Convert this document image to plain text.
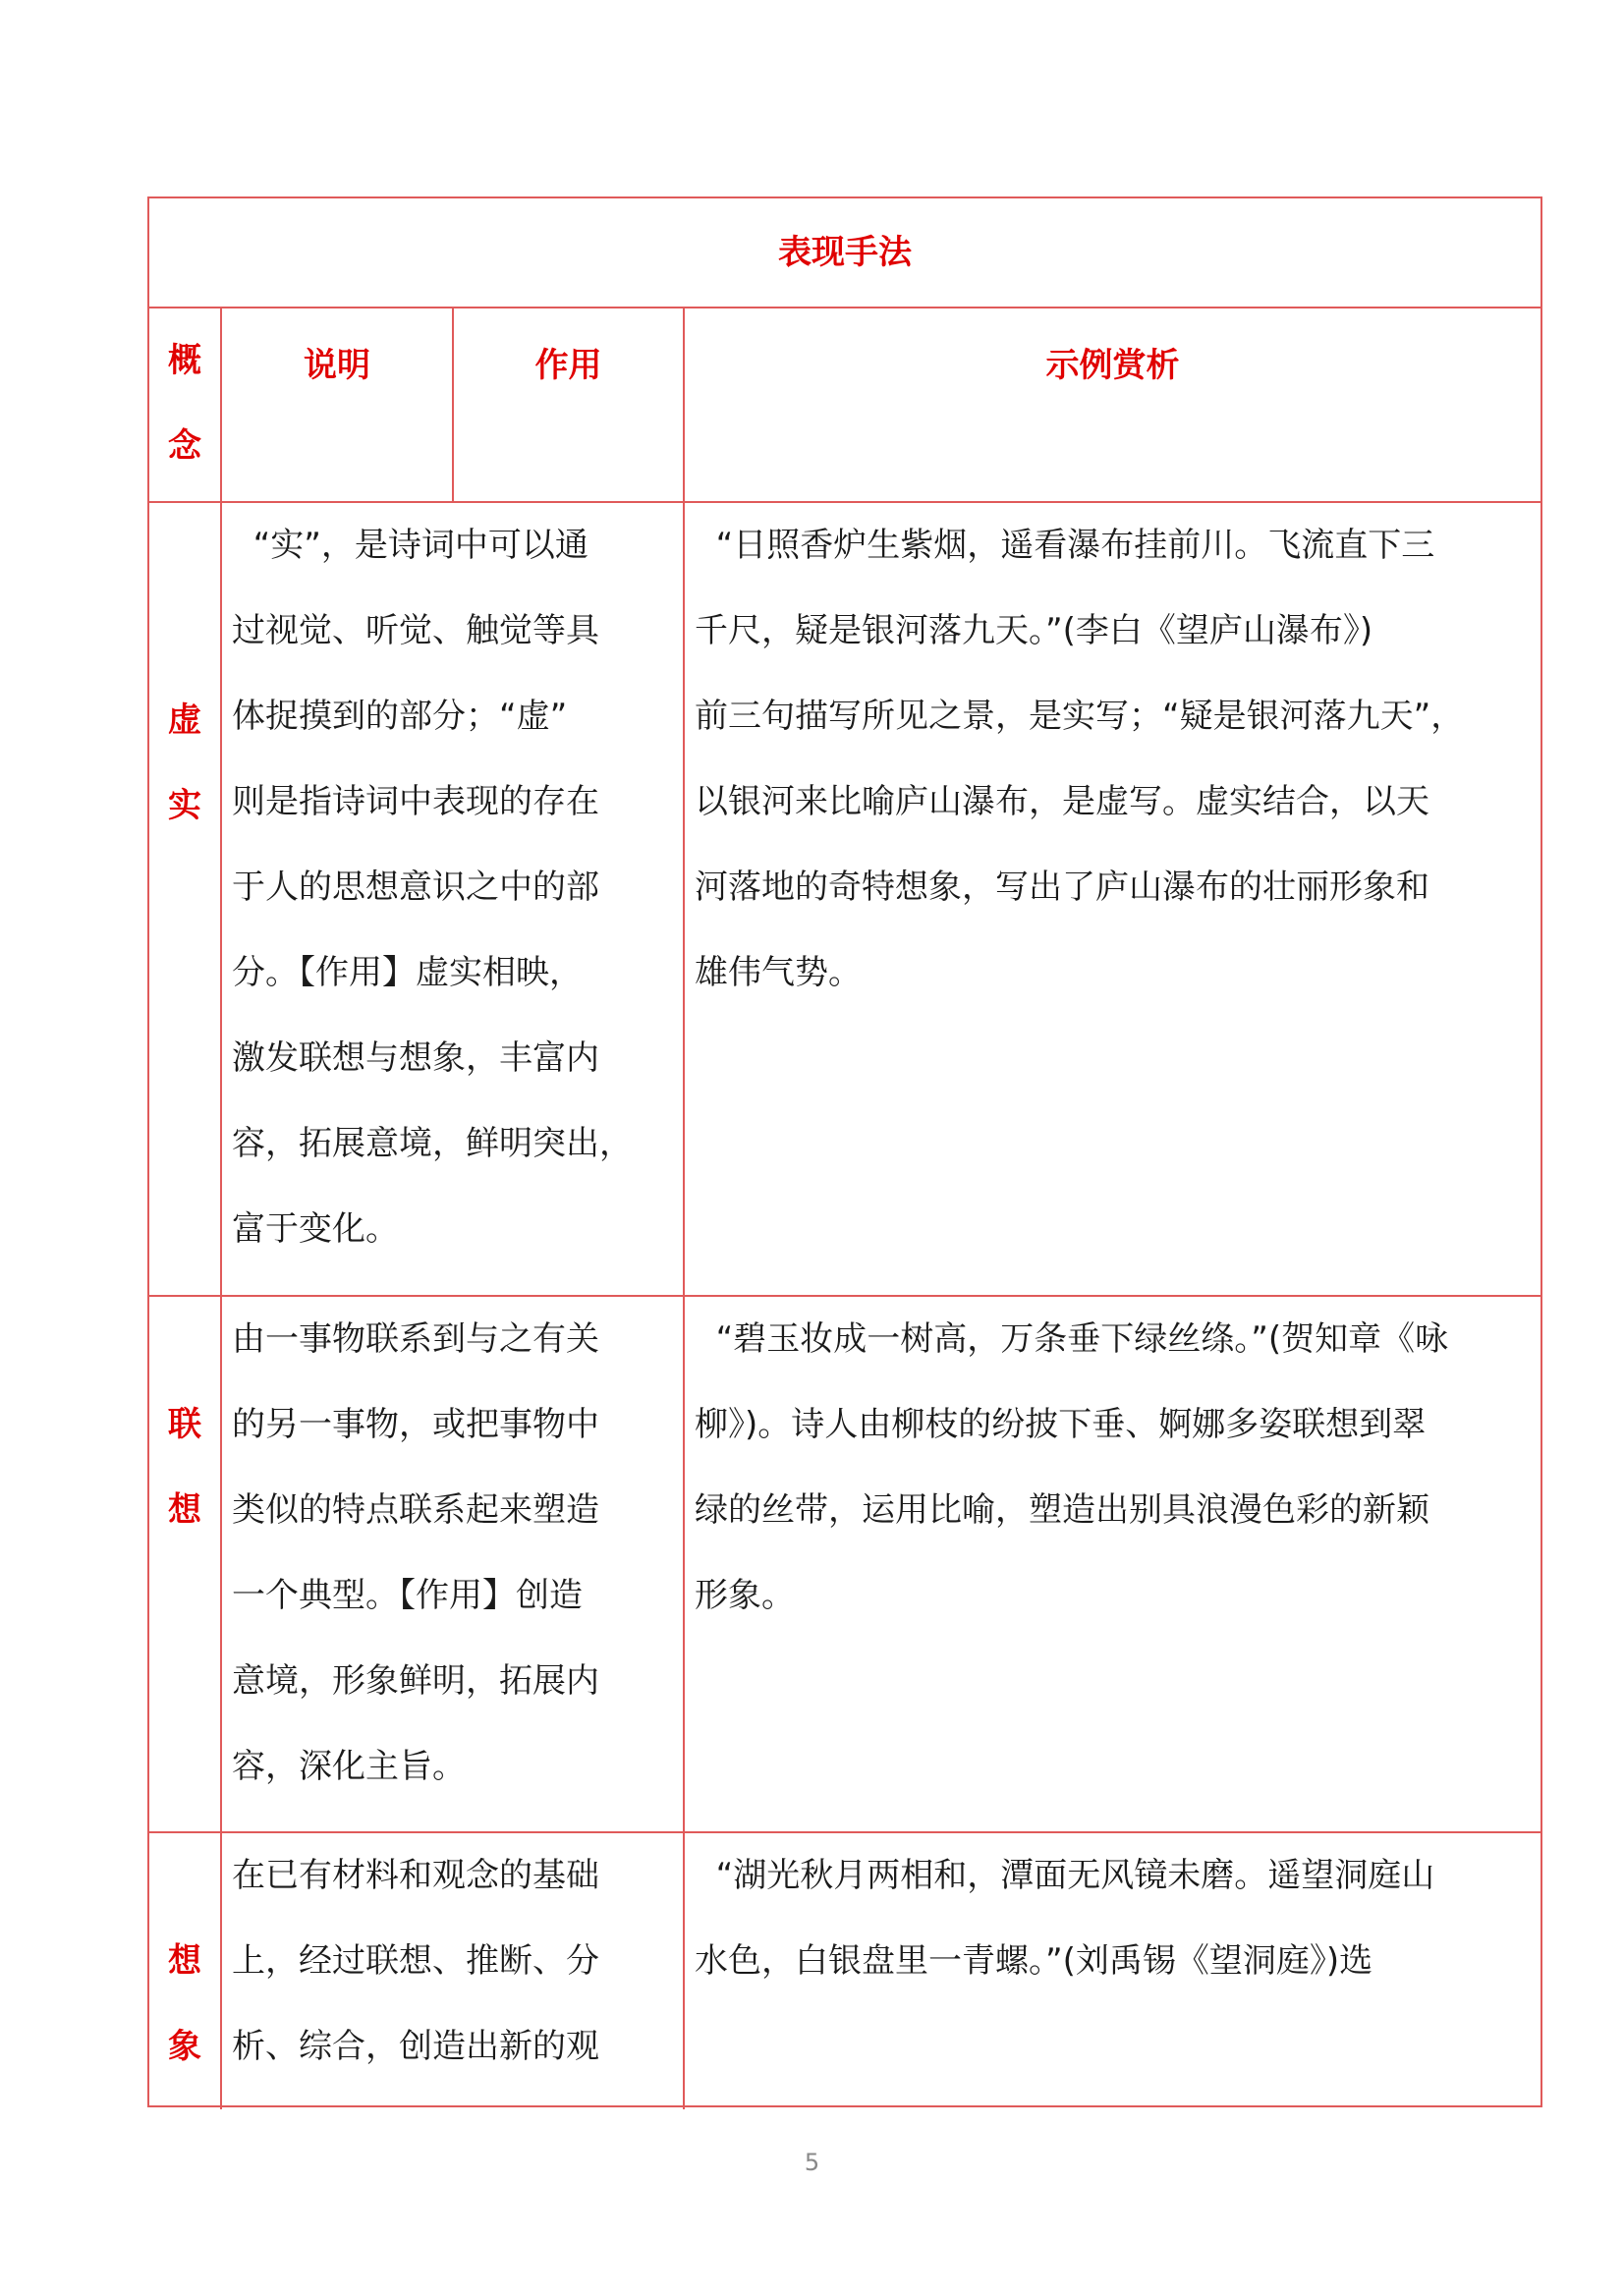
表现手法
概
念
说明	作用	示例赏析
虚
实
“实”，是诗词中可以通
过视觉、听觉、触觉等具
体捉摸到的部分；“虚”
则是指诗词中表现的存在
于人的思想意识之中的部
分。【作用】虚实相映，
激发联想与想象，丰富内
容，拓展意境，鲜明突出，
富于变化。
“日照香炉生紫烟，遥看瀑布挂前川。飞流直下三
千尺，疑是银河落九天。”(李白《望庐山瀑布》)
前三句描写所见之景，是实写；“疑是银河落九天”，
以银河来比喻庐山瀑布，是虚写。虚实结合，以天
河落地的奇特想象，写出了庐山瀑布的壮丽形象和
雄伟气势。
联
想
由一事物联系到与之有关
的另一事物，或把事物中
类似的特点联系起来塑造
一个典型。【作用】创造
意境，形象鲜明，拓展内
容，深化主旨。
“碧玉妆成一树高，万条垂下绿丝绦。”(贺知章《咏
柳》)。诗人由柳枝的纷披下垂、婀娜多姿联想到翠
绿的丝带，运用比喻，塑造出别具浪漫色彩的新颖
形象。
想
象
在已有材料和观念的基础
上，经过联想、推断、分
析、综合，创造出新的观
“湖光秋月两相和，潭面无风镜未磨。遥望洞庭山
水色，白银盘里一青螺。”(刘禹锡《望洞庭》)选
5
